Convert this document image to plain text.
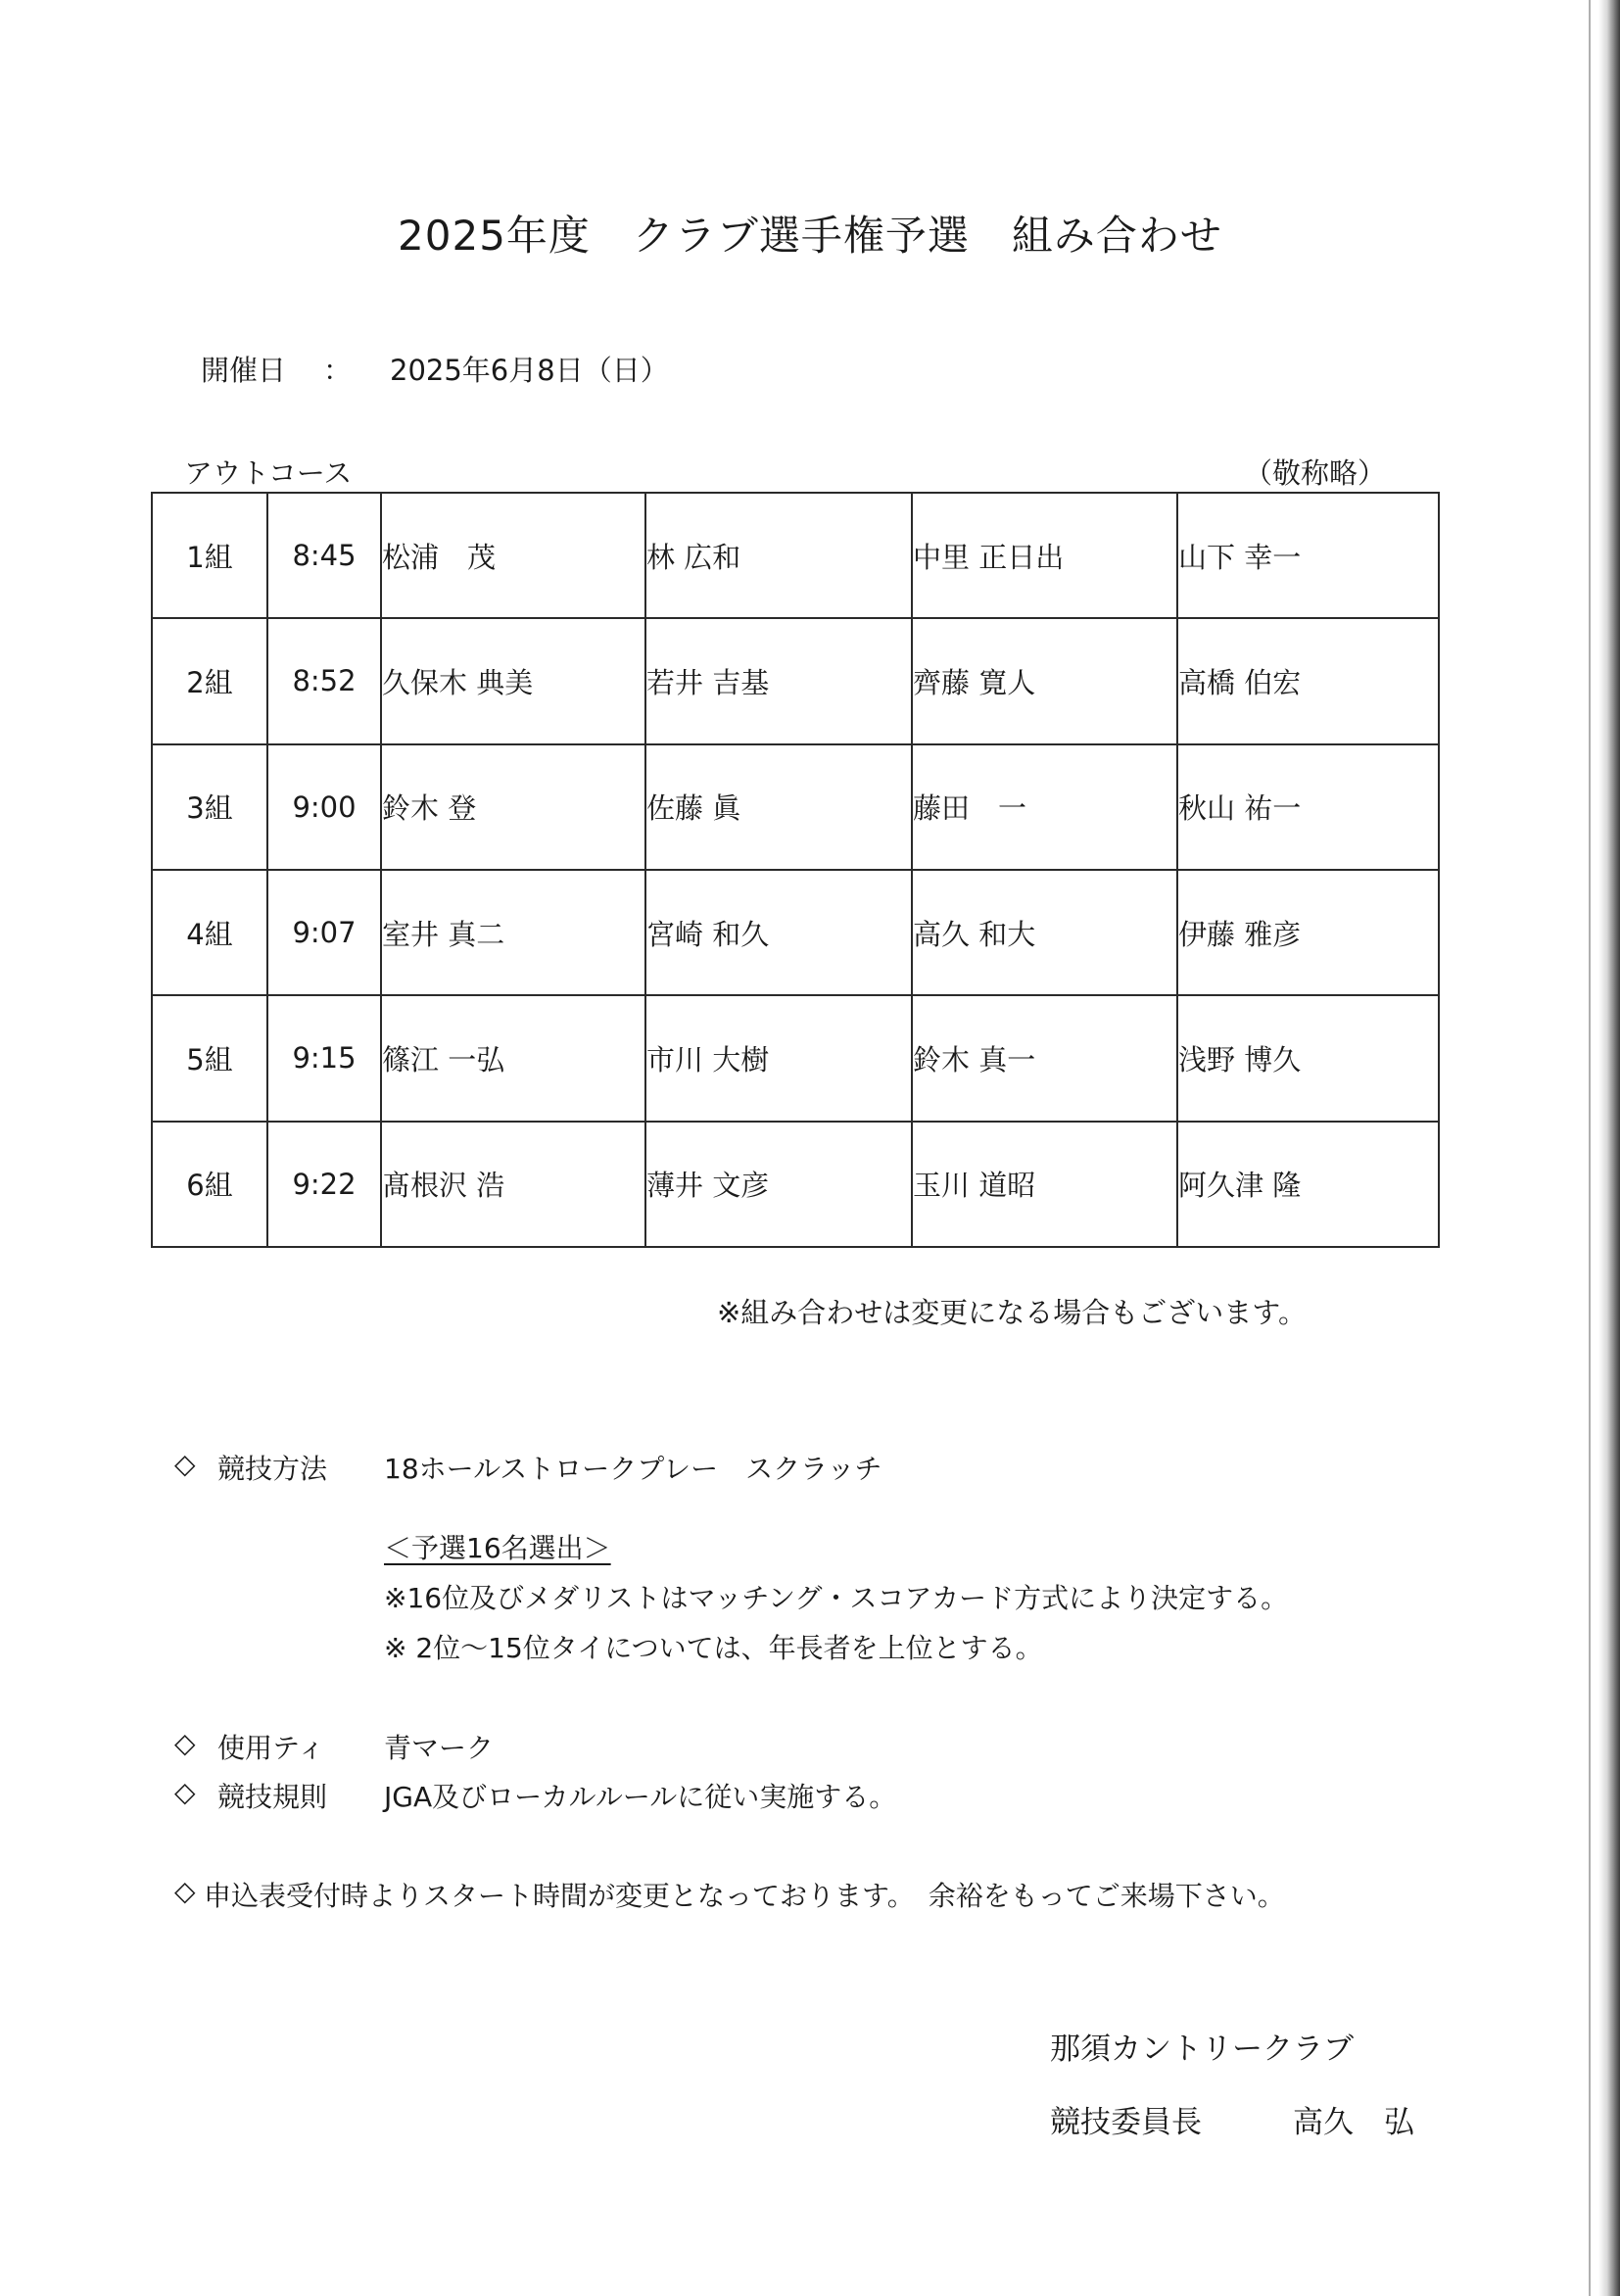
2025年度　クラブ選手権予選　組み合わせ
開催日 ： 2025年6月8日（日）
アウトコース	（敬称略）
1組	8:45	松浦　茂	林 広和	中里 正日出	山下 幸一
2組	8:52	久保木 典美	若井 吉基	齊藤 寛人	高橋 伯宏
3組	9:00	鈴木 登	佐藤 眞	藤田　一	秋山 祐一
4組	9:07	室井 真二	宮崎 和久	高久 和大	伊藤 雅彦
5組	9:15	篠江 一弘	市川 大樹	鈴木 真一	浅野 博久
6組	9:22	髙根沢 浩	薄井 文彦	玉川 道昭	阿久津 隆
※組み合わせは変更になる場合もございます。
◇ 競技方法 18ホールストロークプレー　スクラッチ
＜予選16名選出＞
※16位及びメダリストはマッチング・スコアカード方式により決定する。
※ 2位～15位タイについては、年長者を上位とする。
◇ 使用ティ 青マーク
◇ 競技規則 JGA及びローカルルールに従い実施する。
◇ 申込表受付時よりスタート時間が変更となっております。　余裕をもってご来場下さい。
那須カントリークラブ
競技委員長	高久　弘
